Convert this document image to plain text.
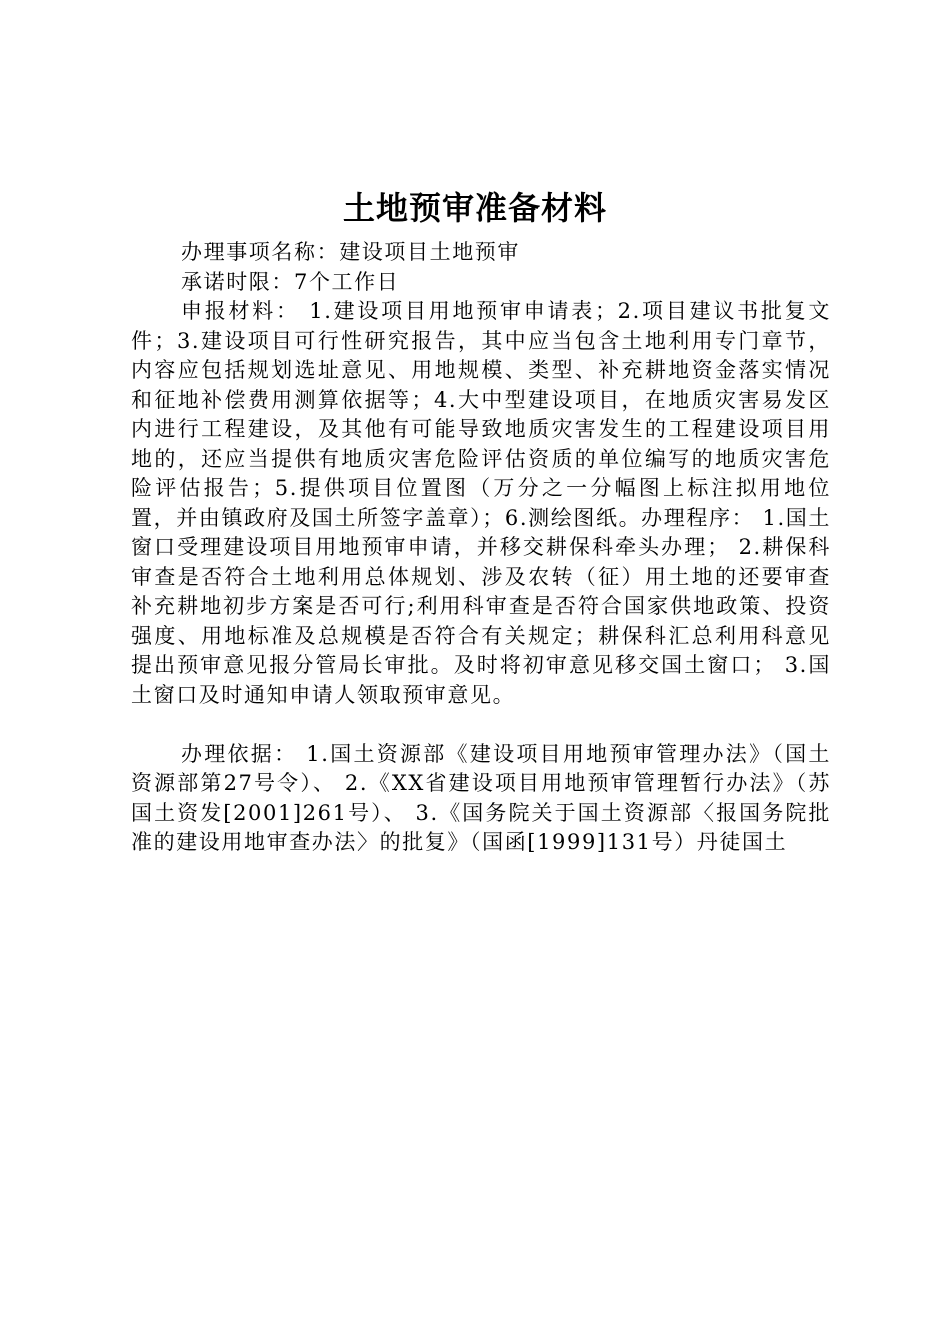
土地预审准备材料

办理事项名称：建设项目土地预审

承诺时限：7个工作日

申报材料： 1.建设项目用地预审申请表；2.项目建议书批复文件；3.建设项目可行性研究报告，其中应当包含土地利用专门章节，内容应包括规划选址意见、用地规模、类型、补充耕地资金落实情况和征地补偿费用测算依据等；4.大中型建设项目，在地质灾害易发区内进行工程建设，及其他有可能导致地质灾害发生的工程建设项目用地的，还应当提供有地质灾害危险评估资质的单位编写的地质灾害危险评估报告；5.提供项目位置图（万分之一分幅图上标注拟用地位置，并由镇政府及国土所签字盖章）；6.测绘图纸。办理程序： 1.国土窗口受理建设项目用地预审申请，并移交耕保科牵头办理； 2.耕保科审查是否符合土地利用总体规划、涉及农转（征）用土地的还要审查补充耕地初步方案是否可行;利用科审查是否符合国家供地政策、投资强度、用地标准及总规模是否符合有关规定；耕保科汇总利用科意见提出预审意见报分管局长审批。及时将初审意见移交国土窗口； 3.国土窗口及时通知申请人领取预审意见。

办理依据： 1.国土资源部《建设项目用地预审管理办法》（国土资源部第27号令）、 2.《XX省建设项目用地预审管理暂行办法》（苏国土资发[2001]261号）、 3.《国务院关于国土资源部〈报国务院批准的建设用地审查办法〉的批复》（国函[1999]131号）丹徒国土
